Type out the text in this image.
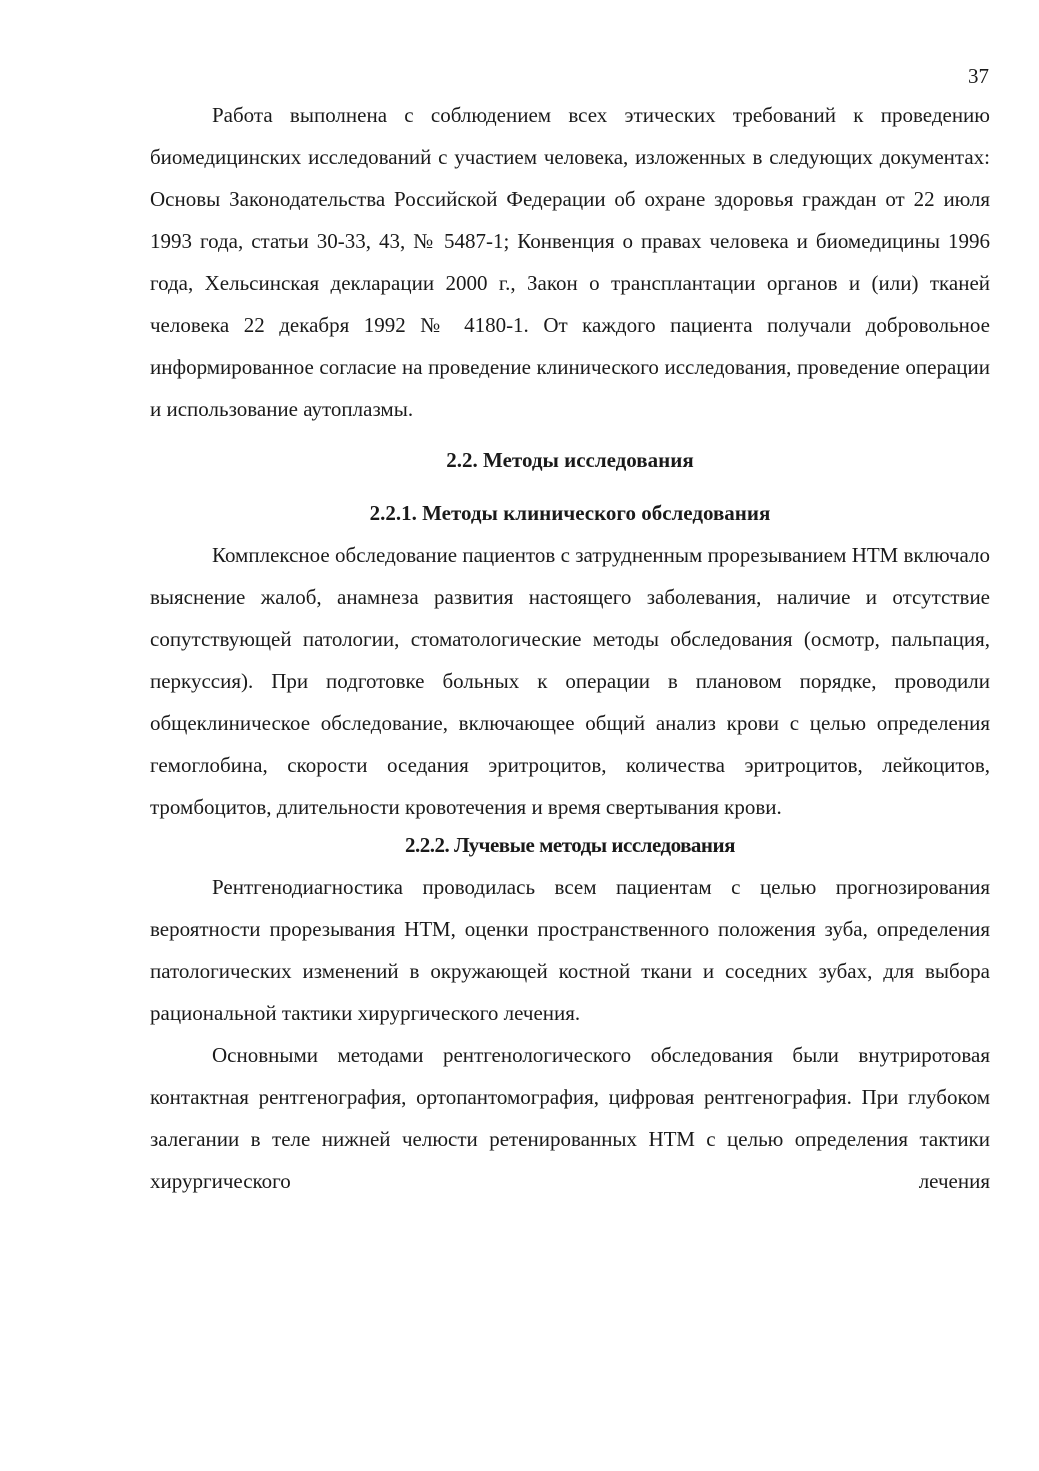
37

Работа выполнена с соблюдением всех этических требований к проведению биомедицинских исследований с участием человека, изложенных в следующих документах: Основы Законодательства Российской Федерации об охране здоровья граждан от 22 июля 1993 года, статьи 30-33, 43, № 5487-1; Конвенция о правах человека и биомедицины 1996 года, Хельсинская декларации 2000 г., Закон о трансплантации органов и (или) тканей человека 22 декабря 1992 № 4180-1. От каждого пациента получали добровольное информированное согласие на проведение клинического исследования, проведение операции и использование аутоплазмы.

2.2. Методы исследования

2.2.1. Методы клинического обследования

Комплексное обследование пациентов с затрудненным прорезыванием НТМ включало выяснение жалоб, анамнеза развития настоящего заболевания, наличие и отсутствие сопутствующей патологии, стоматологические методы обследования (осмотр, пальпация, перкуссия). При подготовке больных к операции в плановом порядке, проводили общеклиническое обследование, включающее общий анализ крови с целью определения гемоглобина, скорости оседания эритроцитов, количества эритроцитов, лейкоцитов, тромбоцитов, длительности кровотечения и время свертывания крови.

2.2.2. Лучевые методы исследования

Рентгенодиагностика проводилась всем пациентам с целью прогнозирования вероятности прорезывания НТМ, оценки пространственного положения зуба, определения патологических изменений в окружающей костной ткани и соседних зубах, для выбора рациональной тактики хирургического лечения.

Основными методами рентгенологического обследования были внутриротовая контактная рентгенография, ортопантомография, цифровая рентгенография. При глубоком залегании в теле нижней челюсти ретенированных НТМ с целью определения тактики хирургического лечения
